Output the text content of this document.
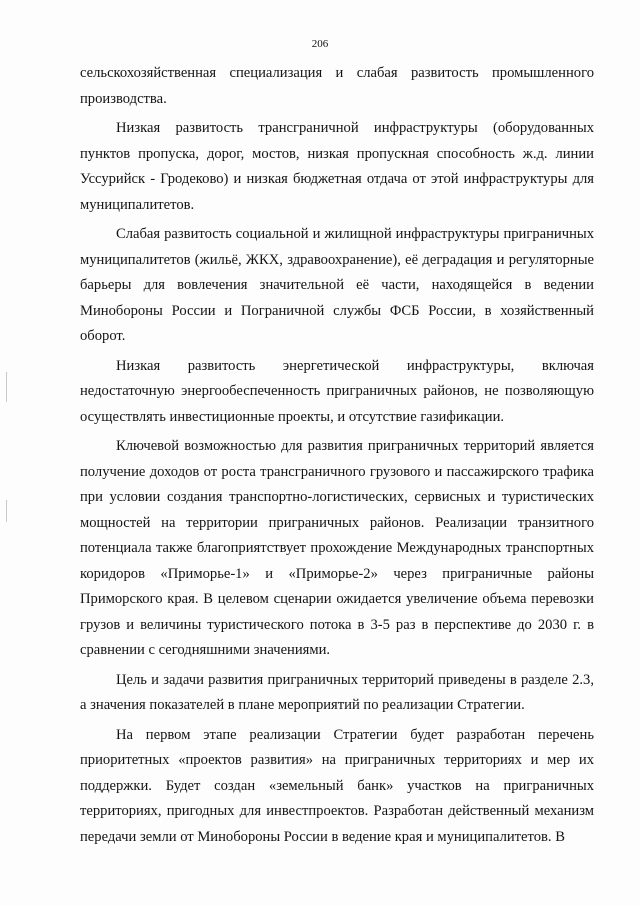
206

сельскохозяйственная специализация и слабая развитость промышленного производства.

Низкая развитость трансграничной инфраструктуры (оборудованных пунктов пропуска, дорог, мостов, низкая пропускная способность ж.д. линии Уссурийск - Гродеково) и низкая бюджетная отдача от этой инфраструктуры для муниципалитетов.

Слабая развитость социальной и жилищной инфраструктуры приграничных муниципалитетов (жильё, ЖКХ, здравоохранение), её деградация и регуляторные барьеры для вовлечения значительной её части, находящейся в ведении Минобороны России и Пограничной службы ФСБ России, в хозяйственный оборот.

Низкая развитость энергетической инфраструктуры, включая недостаточную энергообеспеченность приграничных районов, не позволяющую осуществлять инвестиционные проекты, и отсутствие газификации.

Ключевой возможностью для развития приграничных территорий является получение доходов от роста трансграничного грузового и пассажирского трафика при условии создания транспортно-логистических, сервисных и туристических мощностей на территории приграничных районов. Реализации транзитного потенциала также благоприятствует прохождение Международных транспортных коридоров «Приморье-1» и «Приморье-2» через приграничные районы Приморского края. В целевом сценарии ожидается увеличение объема перевозки грузов и величины туристического потока в 3-5 раз в перспективе до 2030 г. в сравнении с сегодняшними значениями.

Цель и задачи развития приграничных территорий приведены в разделе 2.3, а значения показателей в плане мероприятий по реализации Стратегии.

На первом этапе реализации Стратегии будет разработан перечень приоритетных «проектов развития» на приграничных территориях и мер их поддержки. Будет создан «земельный банк» участков на приграничных территориях, пригодных для инвестпроектов. Разработан действенный механизм передачи земли от Минобороны России в ведение края и муниципалитетов. В
